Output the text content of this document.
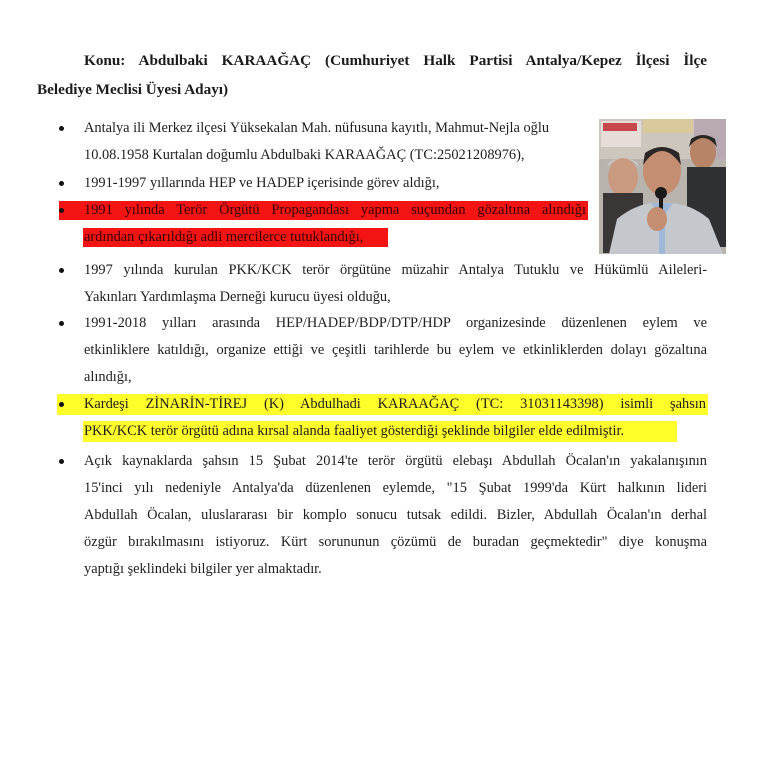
Konu: Abdulbaki KARAAĞAÇ (Cumhuriyet Halk Partisi Antalya/Kepez İlçesi İlçe
Belediye Meclisi Üyesi Adayı)
Antalya ili Merkez ilçesi Yüksekalan Mah. nüfusuna kayıtlı, Mahmut-Nejla oğlu
10.08.1958 Kurtalan doğumlu Abdulbaki KARAAĞAÇ (TC:25021208976),
1991-1997 yıllarında HEP ve HADEP içerisinde görev aldığı,
1991 yılında Terör Örgütü Propagandası yapma suçundan gözaltına alındığı
ardından çıkarıldığı adli mercilerce tutuklandığı,
1997 yılında kurulan PKK/KCK terör örgütüne müzahir Antalya Tutuklu ve Hükümlü Aileleri-
Yakınları Yardımlaşma Derneği kurucu üyesi olduğu,
1991-2018 yılları arasında HEP/HADEP/BDP/DTP/HDP organizesinde düzenlenen eylem ve
etkinliklere katıldığı, organize ettiği ve çeşitli tarihlerde bu eylem ve etkinliklerden dolayı gözaltına
alındığı,
Kardeşi ZİNARİN-TİREJ (K) Abdulhadi KARAAĞAÇ (TC: 31031143398) isimli şahsın
PKK/KCK terör örgütü adına kırsal alanda faaliyet gösterdiği şeklinde bilgiler elde edilmiştir.
Açık kaynaklarda şahsın 15 Şubat 2014'te terör örgütü elebaşı Abdullah Öcalan'ın yakalanışının
15'inci yılı nedeniyle Antalya'da düzenlenen eylemde, "15 Şubat 1999'da Kürt halkının lideri
Abdullah Öcalan, uluslararası bir komplo sonucu tutsak edildi. Bizler, Abdullah Öcalan'ın derhal
özgür bırakılmasını istiyoruz. Kürt sorununun çözümü de buradan geçmektedir" diye konuşma
yaptığı şeklindeki bilgiler yer almaktadır.
